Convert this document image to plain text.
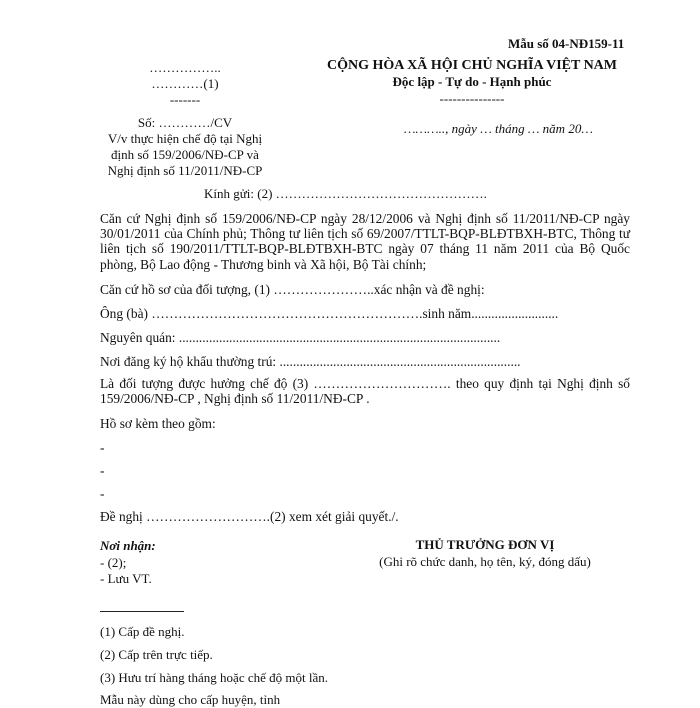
Mẫu số 04-NĐ159-11
……………..
…………(1)
-------
CỘNG HÒA XÃ HỘI CHỦ NGHĨA VIỆT NAM
Độc lập - Tự do - Hạnh phúc
---------------
Số: …………/CV
V/v thực hiện chế độ tại Nghị
định số 159/2006/NĐ-CP và
Nghị định số 11/2011/NĐ-CP
……….., ngày … tháng … năm 20…
Kính gửi: (2) ………………………………………….
Căn cứ Nghị định số 159/2006/NĐ-CP ngày 28/12/2006 và Nghị định số 11/2011/NĐ-CP ngày 30/01/2011 của Chính phủ; Thông tư liên tịch số 69/2007/TTLT-BQP-BLĐTBXH-BTC, Thông tư liên tịch số 190/2011/TTLT-BQP-BLĐTBXH-BTC ngày 07 tháng 11 năm 2011 của Bộ Quốc phòng, Bộ Lao động - Thương binh và Xã hội, Bộ Tài chính;
Căn cứ hồ sơ của đối tượng, (1) …………………..xác nhận và đề nghị:
Ông (bà) …………………………………………………….sinh năm..........................
Nguyên quán: ................................................................................................
Nơi đăng ký hộ khẩu thường trú: ........................................................................
Là đối tượng được hưởng chế độ (3) …………………………. theo quy định tại Nghị định số 159/2006/NĐ-CP , Nghị định số 11/2011/NĐ-CP .
Hồ sơ kèm theo gồm:
-
-
-
Đề nghị ……………………….(2) xem xét giải quyết./.
Nơi nhận:
- (2);
- Lưu VT.
THỦ TRƯỞNG ĐƠN VỊ
(Ghi rõ chức danh, họ tên, ký, đóng dấu)
(1) Cấp đề nghị.
(2) Cấp trên trực tiếp.
(3) Hưu trí hàng tháng hoặc chế độ một lần.
Mẫu này dùng cho cấp huyện, tỉnh
